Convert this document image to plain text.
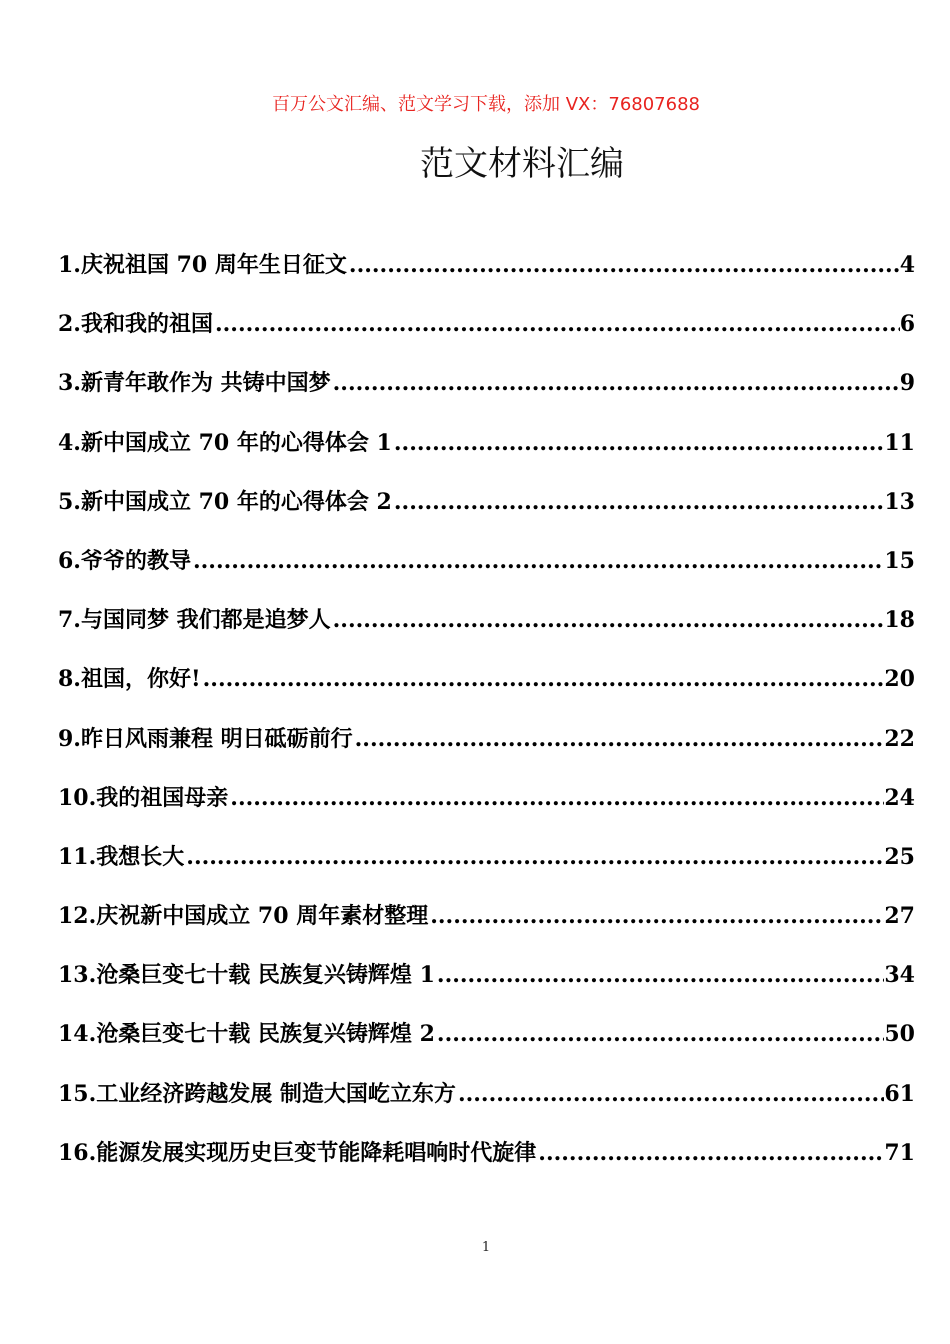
百万公文汇编、范文学习下载，添加 VX：76807688
范文材料汇编
1.庆祝祖国 70 周年生日征文 .....	4
2.我和我的祖国 .....	6
3.新青年敢作为 共铸中国梦 .....	9
4.新中国成立 70 年的心得体会 1 .....	11
5.新中国成立 70 年的心得体会 2 .....	13
6.爷爷的教导 .....	15
7.与国同梦 我们都是追梦人 .....	18
8.祖国，你好! .....	20
9.昨日风雨兼程 明日砥砺前行 .....	22
10.我的祖国母亲 .....	24
11.我想长大 .....	25
12.庆祝新中国成立 70 周年素材整理 .....	27
13.沧桑巨变七十载 民族复兴铸辉煌 1 .....	34
14.沧桑巨变七十载 民族复兴铸辉煌 2 .....	50
15.工业经济跨越发展 制造大国屹立东方 .....	61
16.能源发展实现历史巨变节能降耗唱响时代旋律 .....	71
1
